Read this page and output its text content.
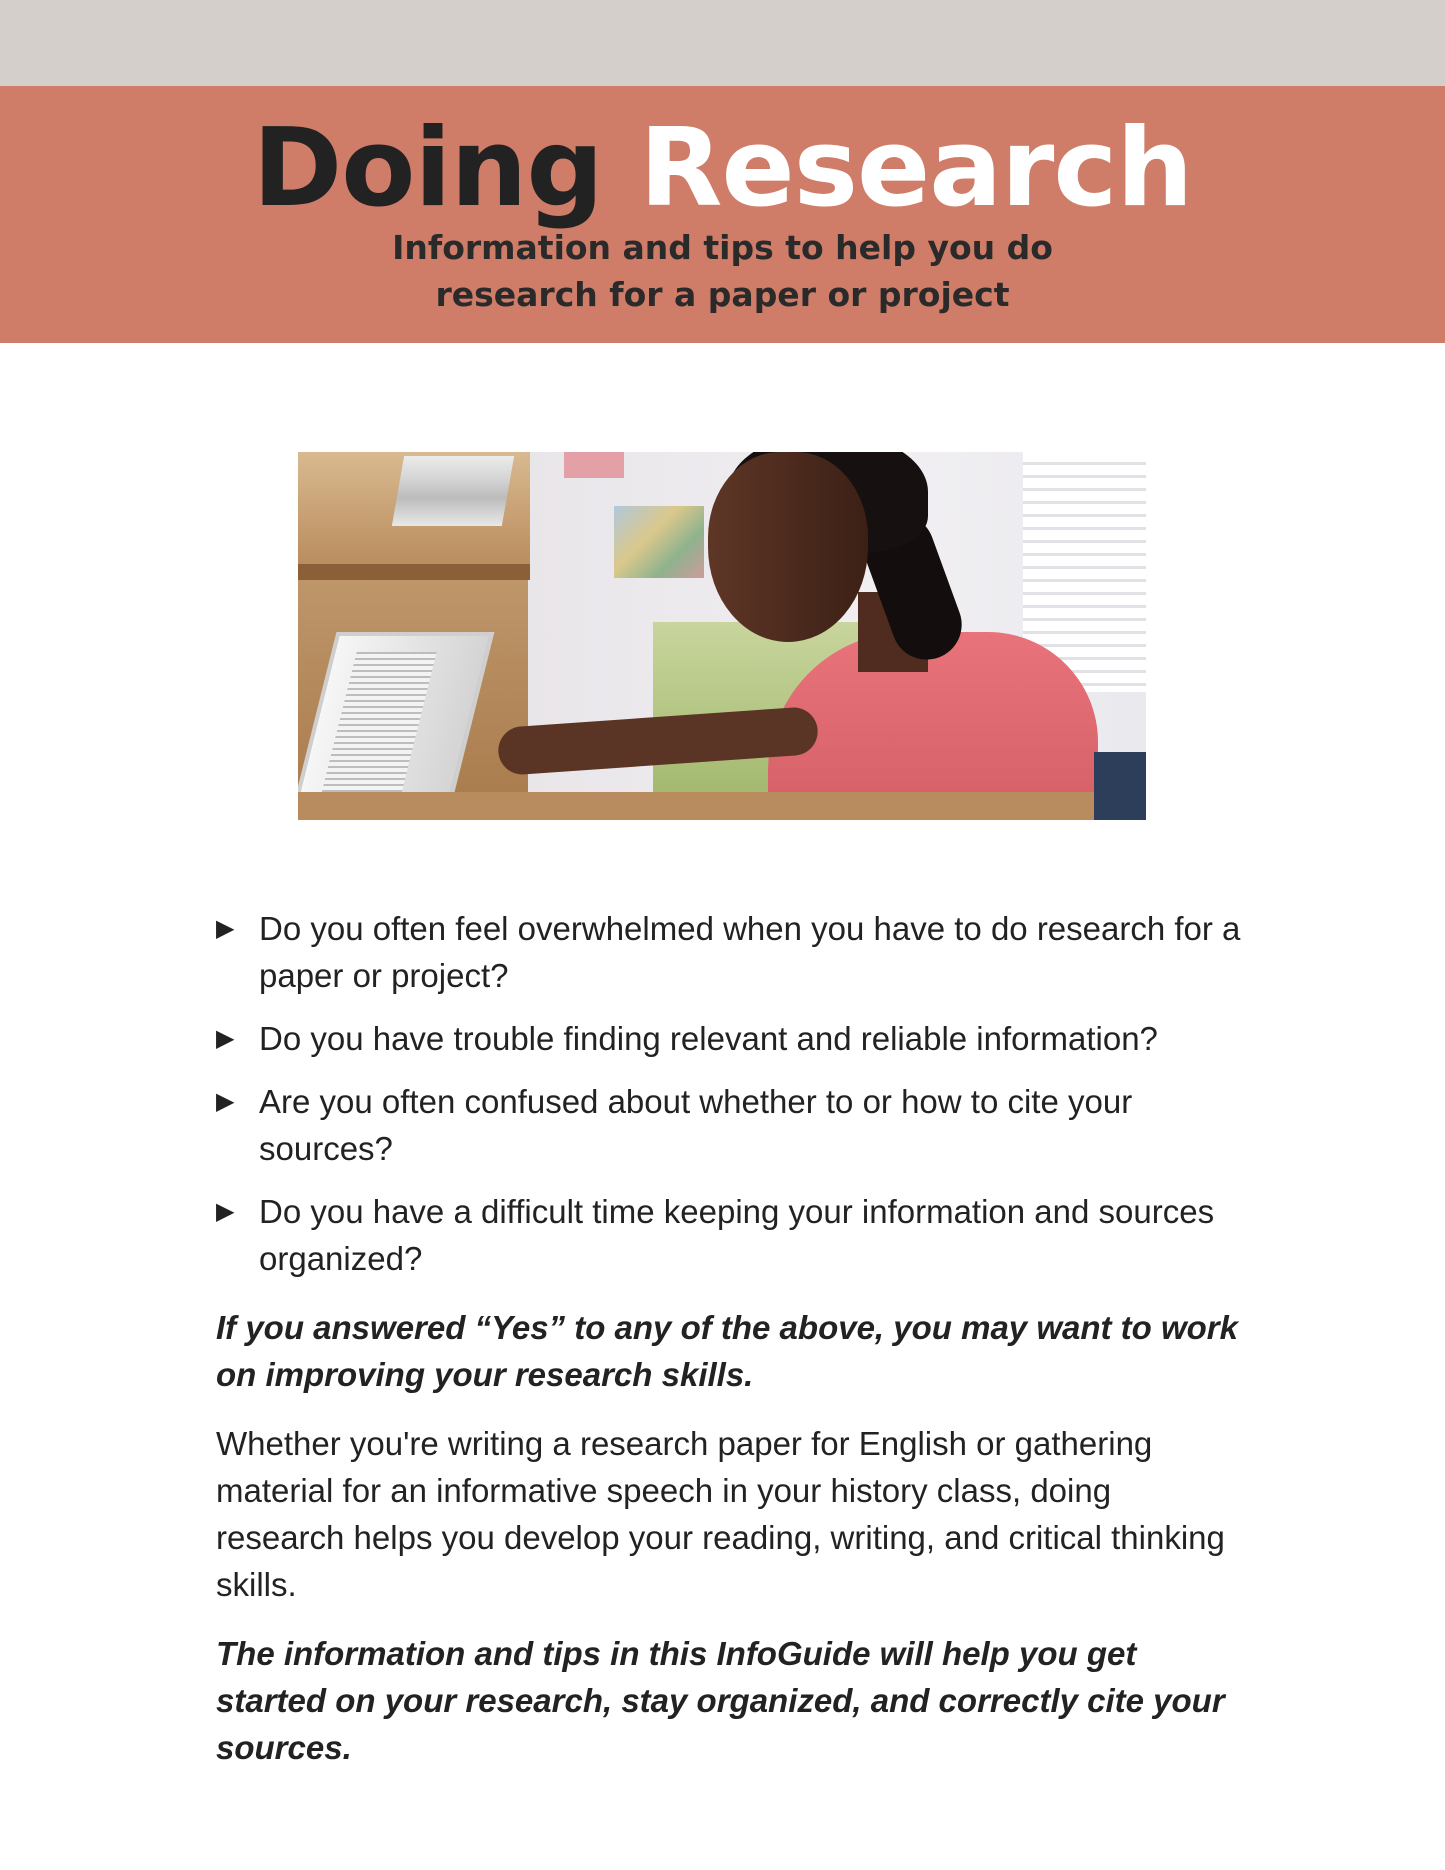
Doing Research

Information and tips to help you do
research for a paper or project

▶ Do you often feel overwhelmed when you have to do research for a paper or project?
▶ Do you have trouble finding relevant and reliable information?
▶ Are you often confused about whether to or how to cite your sources?
▶ Do you have a difficult time keeping your information and sources organized?

If you answered “Yes” to any of the above, you may want to work on improving your research skills.

Whether you're writing a research paper for English or gathering material for an informative speech in your history class, doing research helps you develop your reading, writing, and critical thinking skills.

The information and tips in this InfoGuide will help you get started on your research, stay organized, and correctly cite your sources.
